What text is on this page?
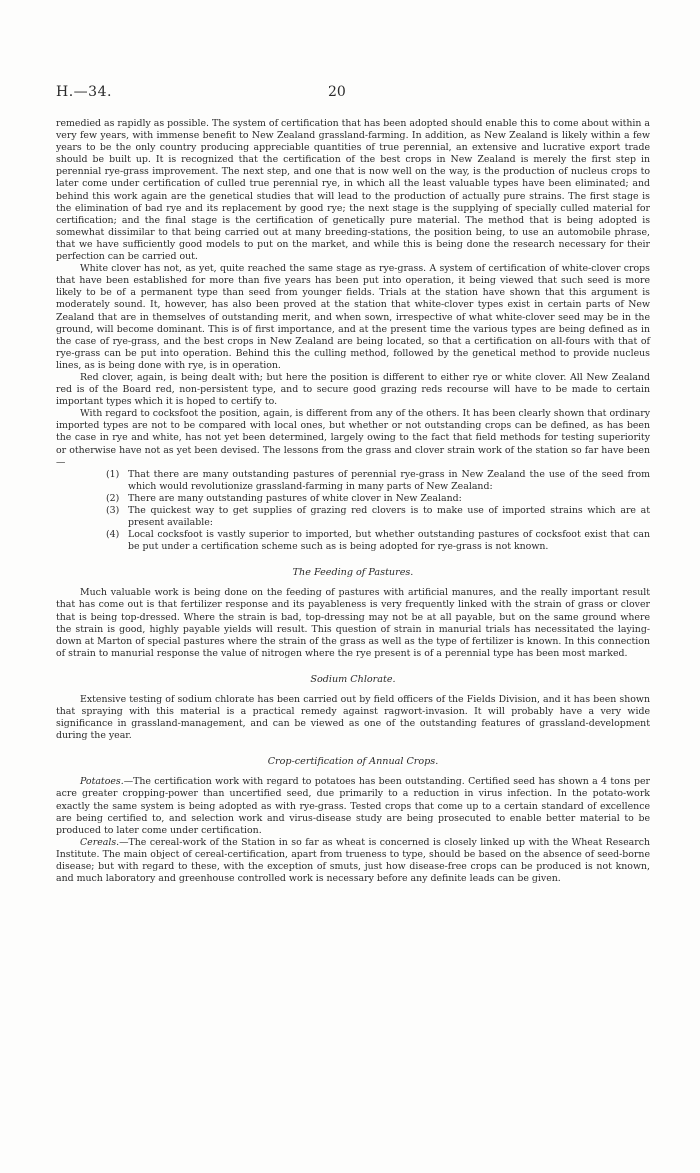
H.—34.	20

remedied as rapidly as possible. The system of certification that has been adopted should enable this to come about within a very few years, with immense benefit to New Zealand grassland-farming. In addition, as New Zealand is likely within a few years to be the only country producing appreciable quantities of true perennial, an extensive and lucrative export trade should be built up. It is recognized that the certification of the best crops in New Zealand is merely the first step in perennial rye-grass improvement. The next step, and one that is now well on the way, is the production of nucleus crops to later come under certification of culled true perennial rye, in which all the least valuable types have been eliminated; and behind this work again are the genetical studies that will lead to the production of actually pure strains. The first stage is the elimination of bad rye and its replacement by good rye; the next stage is the supplying of specially culled material for certification; and the final stage is the certification of genetically pure material. The method that is being adopted is somewhat dissimilar to that being carried out at many breeding-stations, the position being, to use an automobile phrase, that we have sufficiently good models to put on the market, and while this is being done the research necessary for their perfection can be carried out.

White clover has not, as yet, quite reached the same stage as rye-grass. A system of certification of white-clover crops that have been established for more than five years has been put into operation, it being viewed that such seed is more likely to be of a permanent type than seed from younger fields. Trials at the station have shown that this argument is moderately sound. It, however, has also been proved at the station that white-clover types exist in certain parts of New Zealand that are in themselves of outstanding merit, and when sown, irrespective of what white-clover seed may be in the ground, will become dominant. This is of first importance, and at the present time the various types are being defined as in the case of rye-grass, and the best crops in New Zealand are being located, so that a certification on all-fours with that of rye-grass can be put into operation. Behind this the culling method, followed by the genetical method to provide nucleus lines, as is being done with rye, is in operation.

Red clover, again, is being dealt with; but here the position is different to either rye or white clover. All New Zealand red is of the Board red, non-persistent type, and to secure good grazing reds recourse will have to be made to certain important types which it is hoped to certify to.

With regard to cocksfoot the position, again, is different from any of the others. It has been clearly shown that ordinary imported types are not to be compared with local ones, but whether or not outstanding crops can be defined, as has been the case in rye and white, has not yet been determined, largely owing to the fact that field methods for testing superiority or otherwise have not as yet been devised. The lessons from the grass and clover strain work of the station so far have been—

(1) That there are many outstanding pastures of perennial rye-grass in New Zealand the use of the seed from which would revolutionize grassland-farming in many parts of New Zealand:
(2) There are many outstanding pastures of white clover in New Zealand:
(3) The quickest way to get supplies of grazing red clovers is to make use of imported strains which are at present available:
(4) Local cocksfoot is vastly superior to imported, but whether outstanding pastures of cocksfoot exist that can be put under a certification scheme such as is being adopted for rye-grass is not known.
The Feeding of Pastures.

Much valuable work is being done on the feeding of pastures with artificial manures, and the really important result that has come out is that fertilizer response and its payableness is very frequently linked with the strain of grass or clover that is being top-dressed. Where the strain is bad, top-dressing may not be at all payable, but on the same ground where the strain is good, highly payable yields will result. This question of strain in manurial trials has necessitated the laying-down at Marton of special pastures where the strain of the grass as well as the type of fertilizer is known. In this connection of strain to manurial response the value of nitrogen where the rye present is of a perennial type has been most marked.

Sodium Chlorate.

Extensive testing of sodium chlorate has been carried out by field officers of the Fields Division, and it has been shown that spraying with this material is a practical remedy against ragwort-invasion. It will probably have a very wide significance in grassland-management, and can be viewed as one of the outstanding features of grassland-development during the year.

Crop-certification of Annual Crops.

Potatoes.—The certification work with regard to potatoes has been outstanding. Certified seed has shown a 4 tons per acre greater cropping-power than uncertified seed, due primarily to a reduction in virus infection. In the potato-work exactly the same system is being adopted as with rye-grass. Tested crops that come up to a certain standard of excellence are being certified to, and selection work and virus-disease study are being prosecuted to enable better material to be produced to later come under certification.

Cereals.—The cereal-work of the Station in so far as wheat is concerned is closely linked up with the Wheat Research Institute. The main object of cereal-certification, apart from trueness to type, should be based on the absence of seed-borne disease; but with regard to these, with the exception of smuts, just how disease-free crops can be produced is not known, and much laboratory and greenhouse controlled work is necessary before any definite leads can be given.
